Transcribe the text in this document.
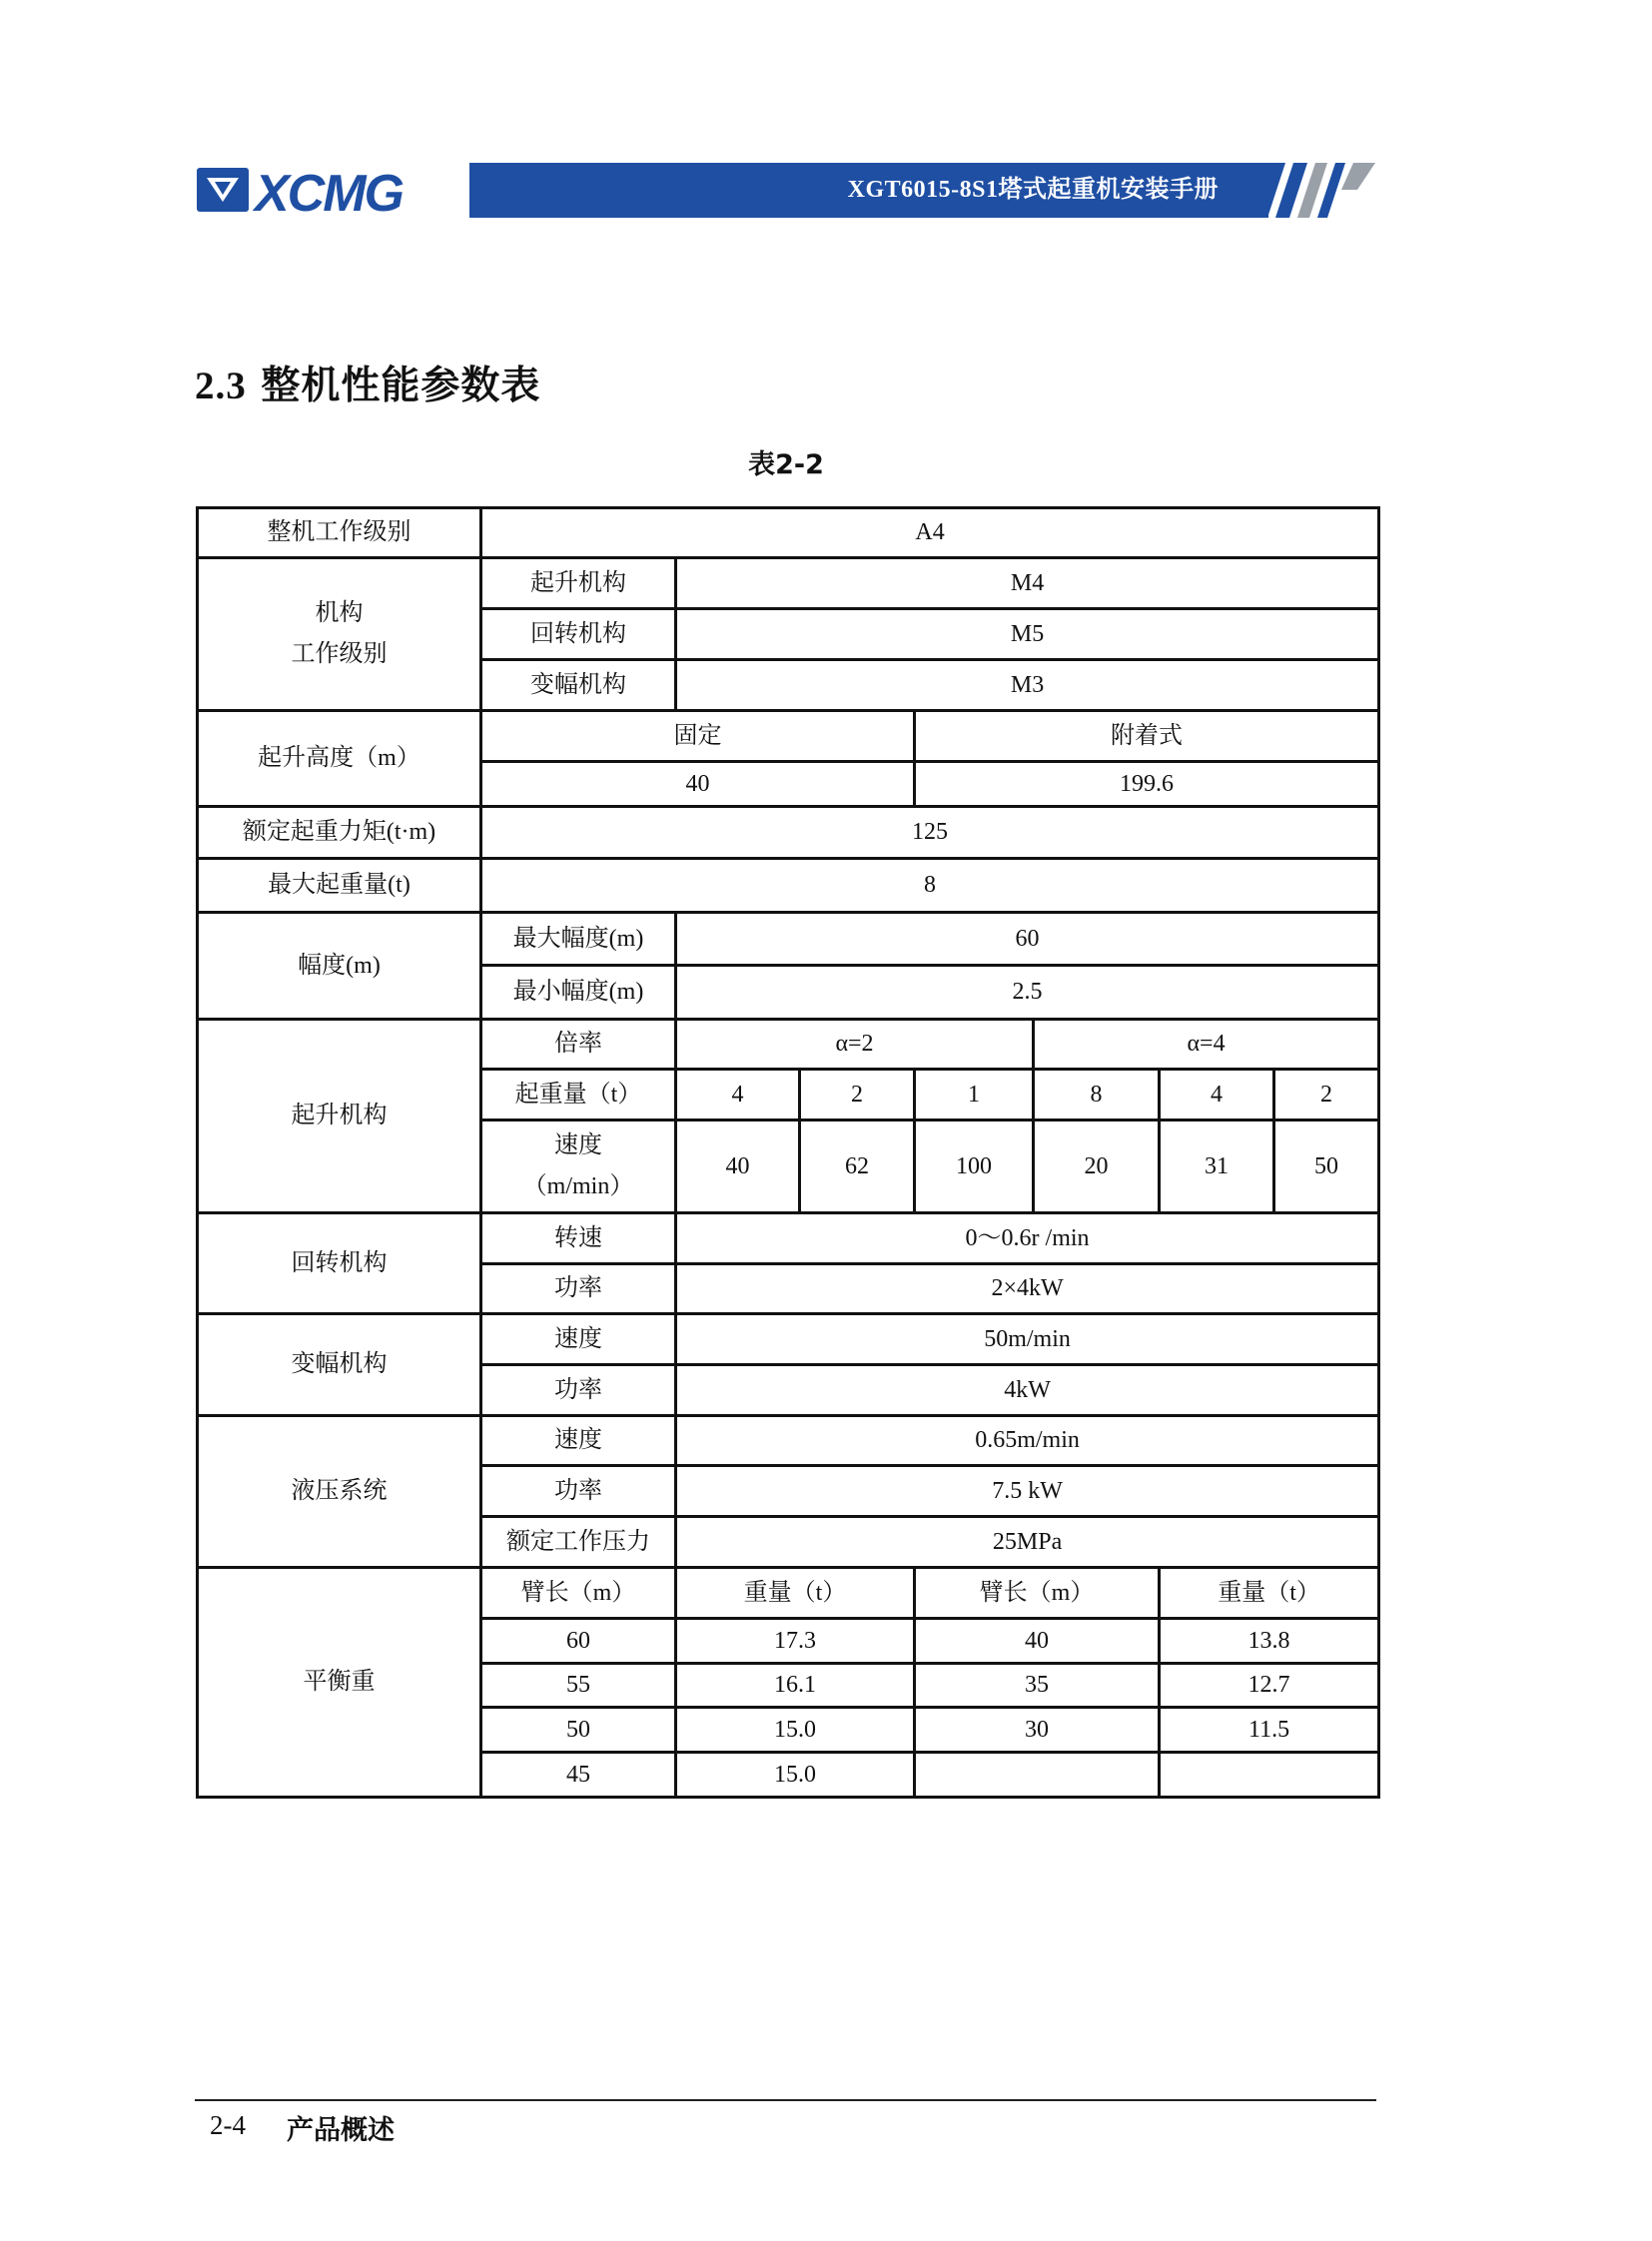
XCMG	XGT6015-8S1塔式起重机安装手册
2.3 整机性能参数表
表2-2
整机工作级别	A4						

机构
工作级别	起升机构	M4					
	回转机构	M5					
	变幅机构	M3					
起升高度（m）	固定			附着式			
	40			199.6			
额定起重力矩(t·m)	125						
最大起重量(t)	8						
幅度(m)	最大幅度(m)	60					
	最小幅度(m)	2.5					
起升机构	倍率	α=2			α=4		
	起重量（t）	4	2	1	8	4	2

	速度
（m/min）	40	62	100	20	31	50
回转机构	转速	0～0.6r /min					
	功率	2×4kW					
变幅机构	速度	50m/min					
	功率	4kW					
液压系统	速度	0.65m/min					
	功率	7.5 kW					
	额定工作压力	25MPa					
平衡重	臂长（m）	重量（t）		臂长（m）		重量（t）	
	60	17.3		40		13.8	
	55	16.1		35		12.7	
	50	15.0		30		11.5	
	45	15.0					
2-4 产品概述
